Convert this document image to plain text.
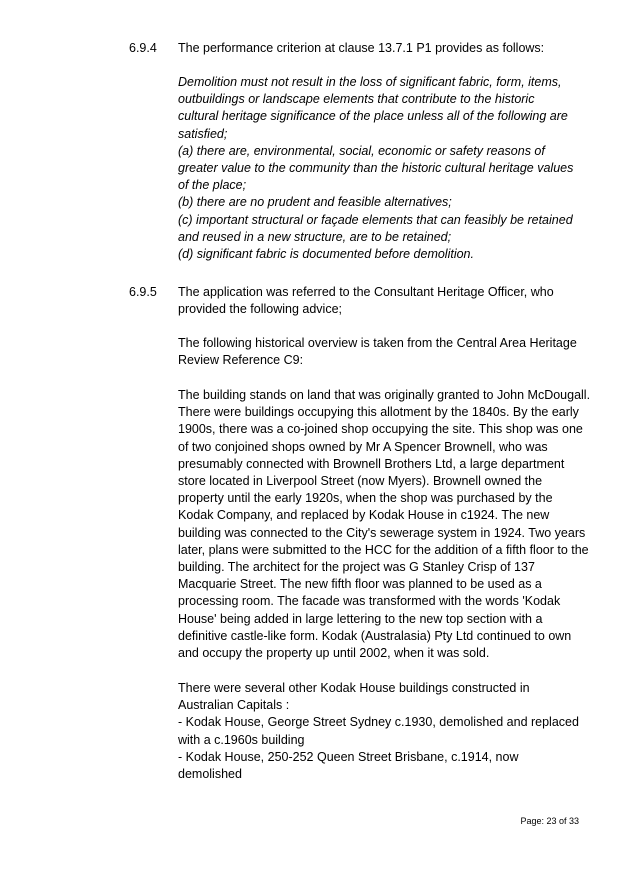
6.9.4 The performance criterion at clause 13.7.1 P1 provides as follows:

Demolition must not result in the loss of significant fabric, form, items,

outbuildings or landscape elements that contribute to the historic

cultural heritage significance of the place unless all of the following are

satisfied;

(a) there are, environmental, social, economic or safety reasons of

greater value to the community than the historic cultural heritage values

of the place;

(b) there are no prudent and feasible alternatives;

(c) important structural or façade elements that can feasibly be retained

and reused in a new structure, are to be retained;

(d) significant fabric is documented before demolition.

6.9.5 The application was referred to the Consultant Heritage Officer, who

provided the following advice;

The following historical overview is taken from the Central Area Heritage

Review Reference C9:

The building stands on land that was originally granted to John McDougall.

There were buildings occupying this allotment by the 1840s. By the early

1900s, there was a co-joined shop occupying the site. This shop was one

of two conjoined shops owned by Mr A Spencer Brownell, who was

presumably connected with Brownell Brothers Ltd, a large department

store located in Liverpool Street (now Myers). Brownell owned the

property until the early 1920s, when the shop was purchased by the

Kodak Company, and replaced by Kodak House in c1924. The new

building was connected to the City's sewerage system in 1924. Two years

later, plans were submitted to the HCC for the addition of a fifth floor to the

building. The architect for the project was G Stanley Crisp of 137

Macquarie Street. The new fifth floor was planned to be used as a

processing room. The facade was transformed with the words 'Kodak

House' being added in large lettering to the new top section with a

definitive castle-like form. Kodak (Australasia) Pty Ltd continued to own

and occupy the property up until 2002, when it was sold.

There were several other Kodak House buildings constructed in

Australian Capitals :

- Kodak House, George Street Sydney c.1930, demolished and replaced

with a c.1960s building

- Kodak House, 250-252 Queen Street Brisbane, c.1914, now

demolished

Page: 23 of 33
